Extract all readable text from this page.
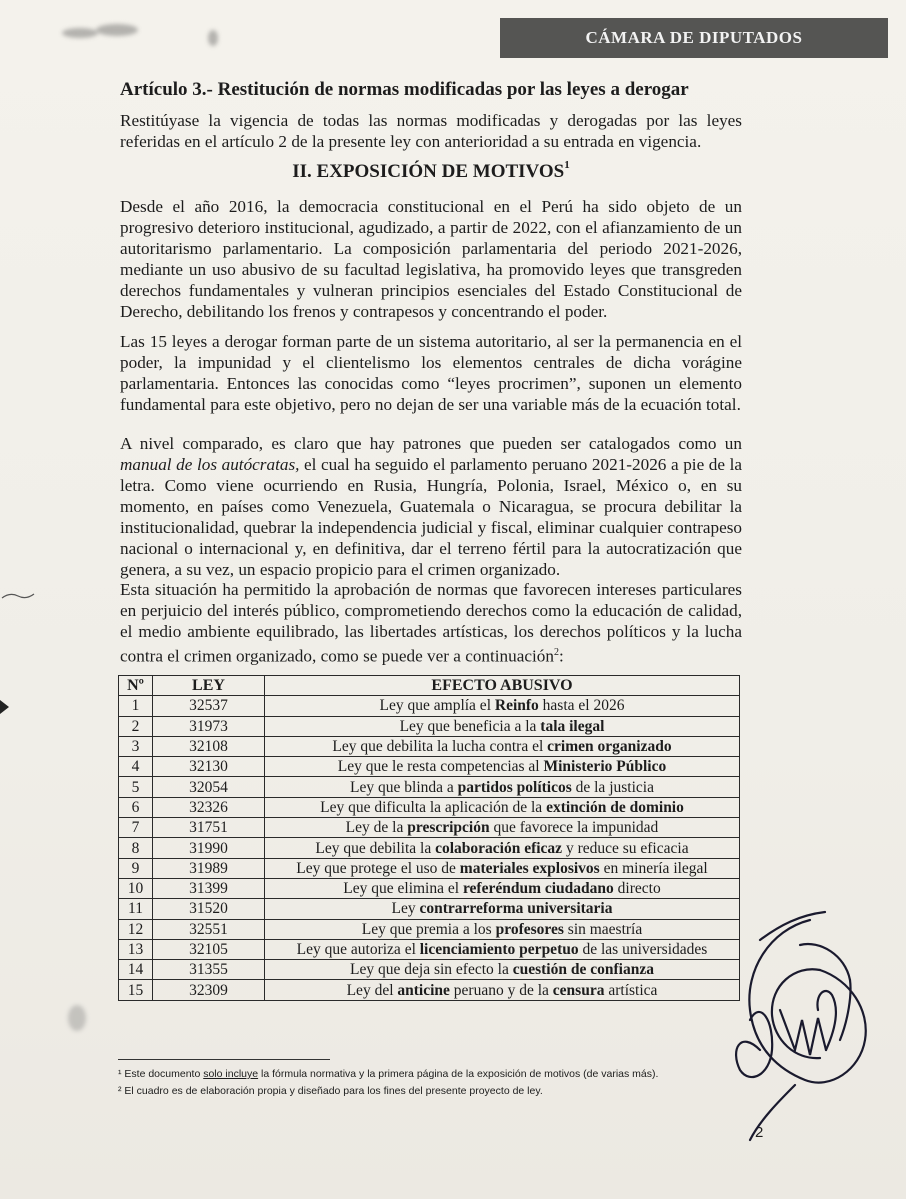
CÁMARA DE DIPUTADOS

Artículo 3.- Restitución de normas modificadas por las leyes a derogar

Restitúyase la vigencia de todas las normas modificadas y derogadas por las leyes referidas en el artículo 2 de la presente ley con anterioridad a su entrada en vigencia.

II. EXPOSICIÓN DE MOTIVOS$^1$

Desde el año 2016, la democracia constitucional en el Perú ha sido objeto de un progresivo deterioro institucional, agudizado, a partir de 2022, con el afianzamiento de un autoritarismo parlamentario. La composición parlamentaria del periodo 2021-2026, mediante un uso abusivo de su facultad legislativa, ha promovido leyes que transgreden derechos fundamentales y vulneran principios esenciales del Estado Constitucional de Derecho, debilitando los frenos y contrapesos y concentrando el poder.

Las 15 leyes a derogar forman parte de un sistema autoritario, al ser la permanencia en el poder, la impunidad y el clientelismo los elementos centrales de dicha vorágine parlamentaria. Entonces las conocidas como “leyes procrimen”, suponen un elemento fundamental para este objetivo, pero no dejan de ser una variable más de la ecuación total.

A nivel comparado, es claro que hay patrones que pueden ser catalogados como un manual de los autócratas, el cual ha seguido el parlamento peruano 2021-2026 a pie de la letra. Como viene ocurriendo en Rusia, Hungría, Polonia, Israel, México o, en su momento, en países como Venezuela, Guatemala o Nicaragua, se procura debilitar la institucionalidad, quebrar la independencia judicial y fiscal, eliminar cualquier contrapeso nacional o internacional y, en definitiva, dar el terreno fértil para la autocratización que genera, a su vez, un espacio propicio para el crimen organizado.

Esta situación ha permitido la aprobación de normas que favorecen intereses particulares en perjuicio del interés público, comprometiendo derechos como la educación de calidad, el medio ambiente equilibrado, las libertades artísticas, los derechos políticos y la lucha contra el crimen organizado, como se puede ver a continuación$^2$:

Nº	LEY	EFECTO ABUSIVO
1	32537	Ley que amplía el Reinfo hasta el 2026
2	31973	Ley que beneficia a la tala ilegal
3	32108	Ley que debilita la lucha contra el crimen organizado
4	32130	Ley que le resta competencias al Ministerio Público
5	32054	Ley que blinda a partidos políticos de la justicia
6	32326	Ley que dificulta la aplicación de la extinción de dominio
7	31751	Ley de la prescripción que favorece la impunidad
8	31990	Ley que debilita la colaboración eficaz y reduce su eficacia
9	31989	Ley que protege el uso de materiales explosivos en minería ilegal
10	31399	Ley que elimina el referéndum ciudadano directo
11	31520	Ley contrarreforma universitaria
12	32551	Ley que premia a los profesores sin maestría
13	32105	Ley que autoriza el licenciamiento perpetuo de las universidades
14	31355	Ley que deja sin efecto la cuestión de confianza
15	32309	Ley del anticine peruano y de la censura artística

¹ Este documento solo incluye la fórmula normativa y la primera página de la exposición de motivos (de varias más).

² El cuadro es de elaboración propia y diseñado para los fines del presente proyecto de ley.

2
